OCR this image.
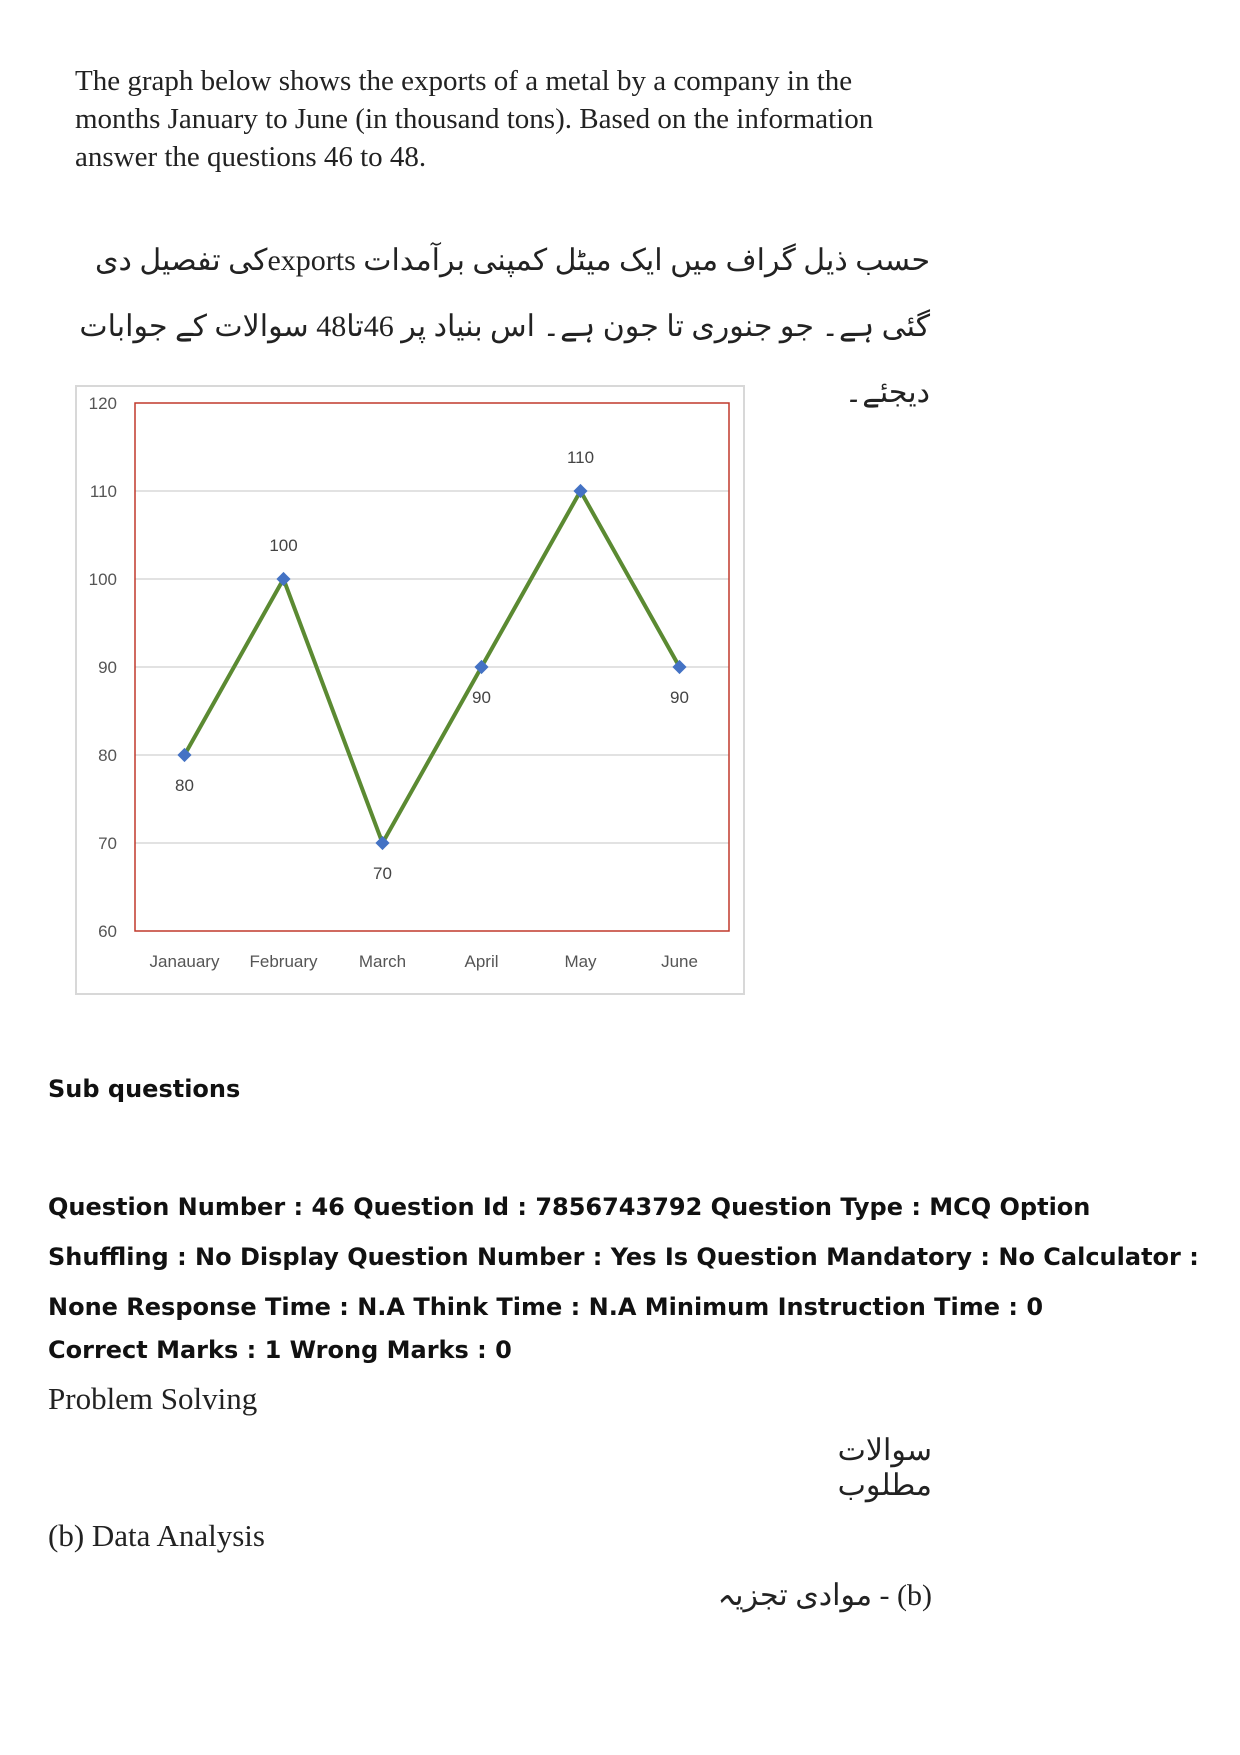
The graph below shows the exports of a metal by a company in the months January to June (in thousand tons). Based on the information answer the questions 46 to 48.
حسب ذیل گراف میں ایک میٹل کمپنی برآمدات exportsکی تفصیل دی گئی ہے۔ جو جنوری تا جون ہے۔ اس بنیاد پر 46تا48 سوالات کے جوابات دیجئے۔
60
70
80
90
100
110
120
80
100
70
90
110
90
Janauary February March	April	May	June
Sub questions
Question Number : 46 Question Id : 7856743792 Question Type : MCQ Option Shuffling : No Display Question Number : Yes Is Question Mandatory : No Calculator : None Response Time : N.A Think Time : N.A Minimum Instruction Time : 0
Correct Marks : 1 Wrong Marks : 0
Problem Solving
سوالات مطلوب
(b) Data Analysis
(b) - موادی تجزیہ
